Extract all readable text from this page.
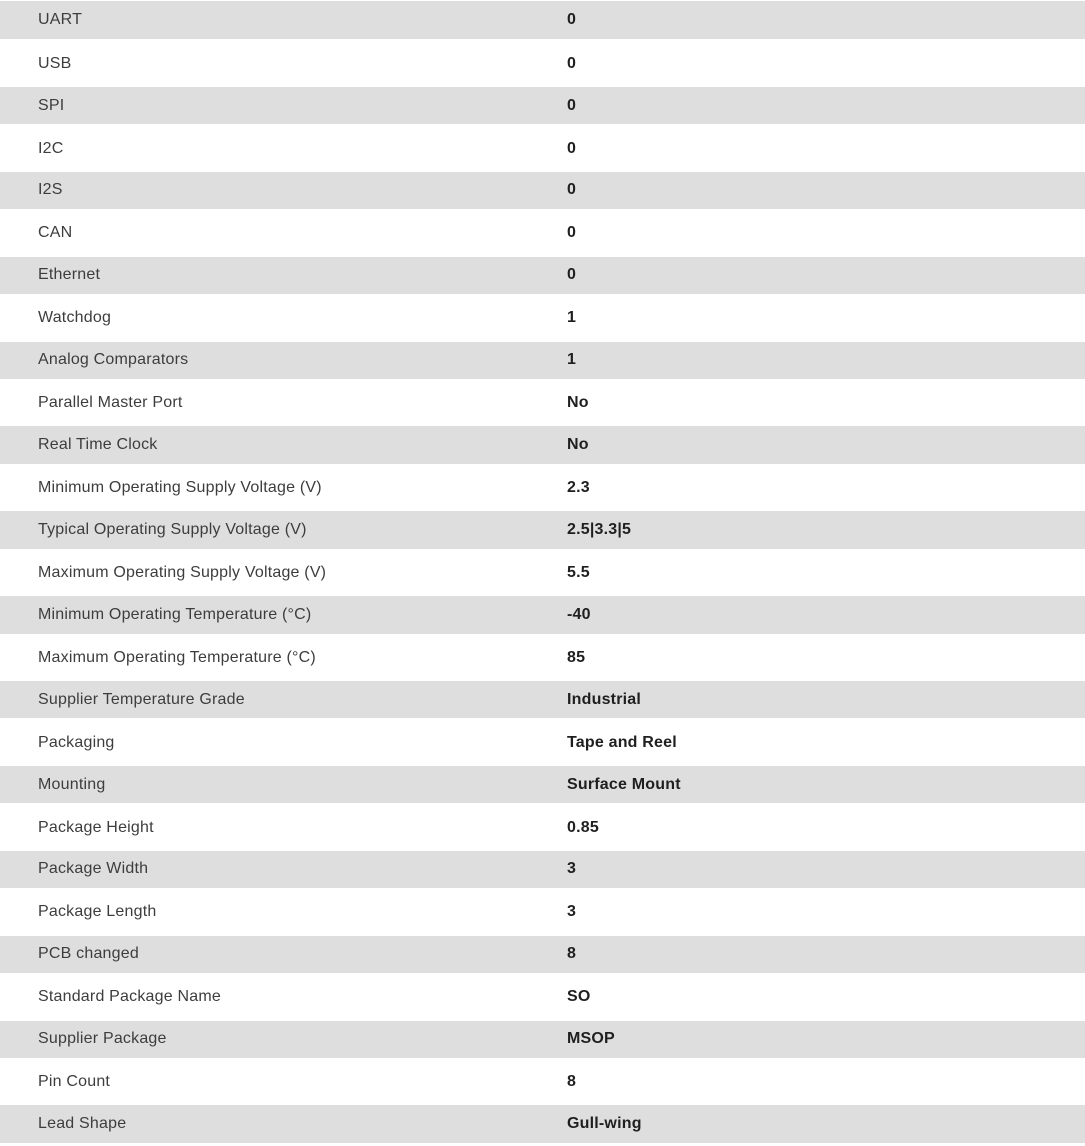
UART	0
USB	0
SPI	0
I2C	0
I2S	0
CAN	0
Ethernet	0
Watchdog	1
Analog Comparators	1
Parallel Master Port	No
Real Time Clock	No
Minimum Operating Supply Voltage (V)	2.3
Typical Operating Supply Voltage (V)	2.5|3.3|5
Maximum Operating Supply Voltage (V)	5.5
Minimum Operating Temperature (°C)	-40
Maximum Operating Temperature (°C)	85
Supplier Temperature Grade	Industrial
Packaging	Tape and Reel
Mounting	Surface Mount
Package Height	0.85
Package Width	3
Package Length	3
PCB changed	8
Standard Package Name	SO
Supplier Package	MSOP
Pin Count	8
Lead Shape	Gull-wing
